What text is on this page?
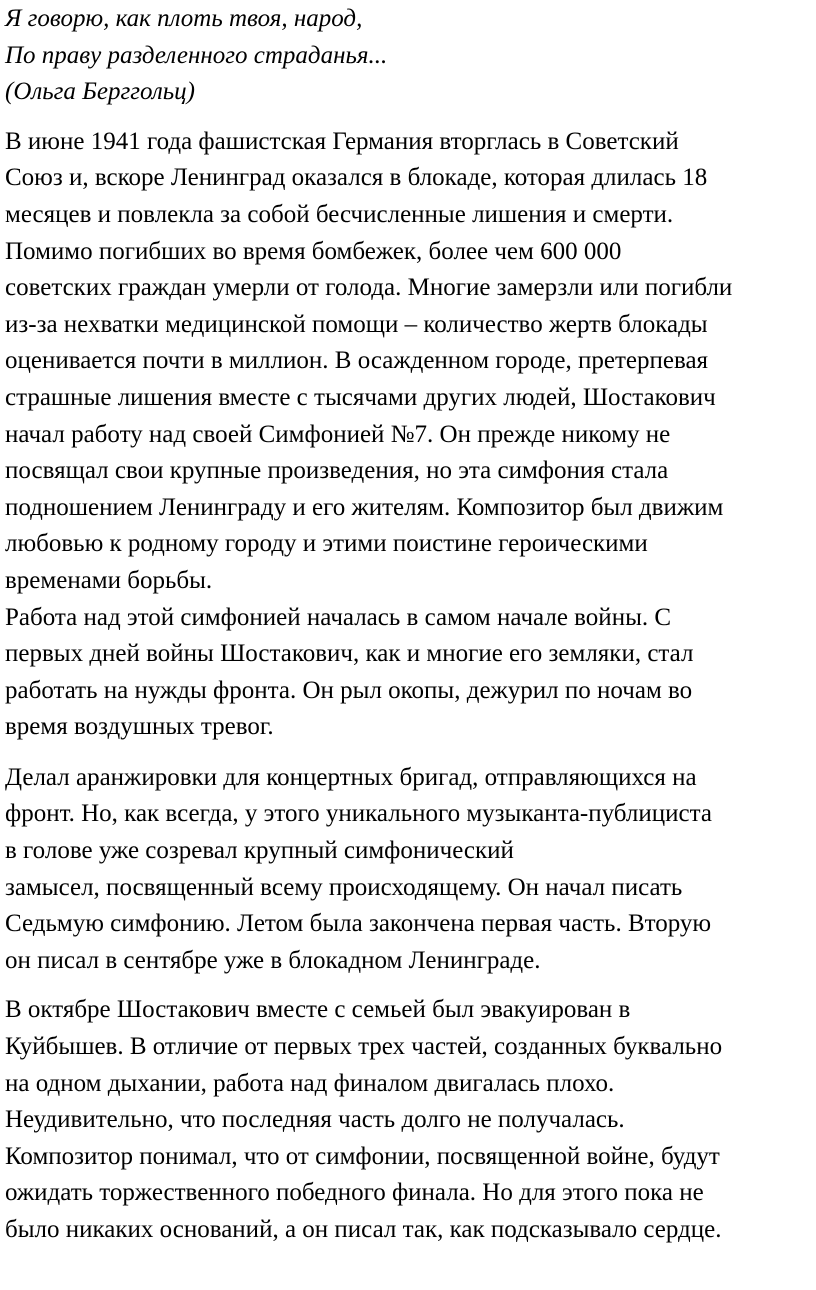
Я говорю, как плоть твоя, народ,
По праву разделенного страданья...
(Ольга Берггольц)

В июне 1941 года фашистская Германия вторглась в Советский
Союз и, вскоре Ленинград оказался в блокаде, которая длилась 18
месяцев и повлекла за собой бесчисленные лишения и смерти.
Помимо погибших во время бомбежек, более чем 600 000
советских граждан умерли от голода. Многие замерзли или погибли
из-за нехватки медицинской помощи – количество жертв блокады
оценивается почти в миллион. В осажденном городе, претерпевая
страшные лишения вместе с тысячами других людей, Шостакович
начал работу над своей Симфонией №7. Он прежде никому не
посвящал свои крупные произведения, но эта симфония стала
подношением Ленинграду и его жителям. Композитор был движим
любовью к родному городу и этими поистине героическими
временами борьбы.

Работа над этой симфонией началась в самом начале войны. С
первых дней войны Шостакович, как и многие его земляки, стал
работать на нужды фронта. Он рыл окопы, дежурил по ночам во
время воздушных тревог.

Делал аранжировки для концертных бригад, отправляющихся на
фронт. Но, как всегда, у этого уникального музыканта-публициста
в голове уже созревал крупный симфонический
замысел, посвященный всему происходящему. Он начал писать
Седьмую симфонию. Летом была закончена первая часть. Вторую
он писал в сентябре уже в блокадном Ленинграде.

В октябре Шостакович вместе с семьей был эвакуирован в
Куйбышев. В отличие от первых трех частей, созданных буквально
на одном дыхании, работа над финалом двигалась плохо.
Неудивительно, что последняя часть долго не получалась.
Композитор понимал, что от симфонии, посвященной войне, будут
ожидать торжественного победного финала. Но для этого пока не
было никаких оснований, а он писал так, как подсказывало сердце.
